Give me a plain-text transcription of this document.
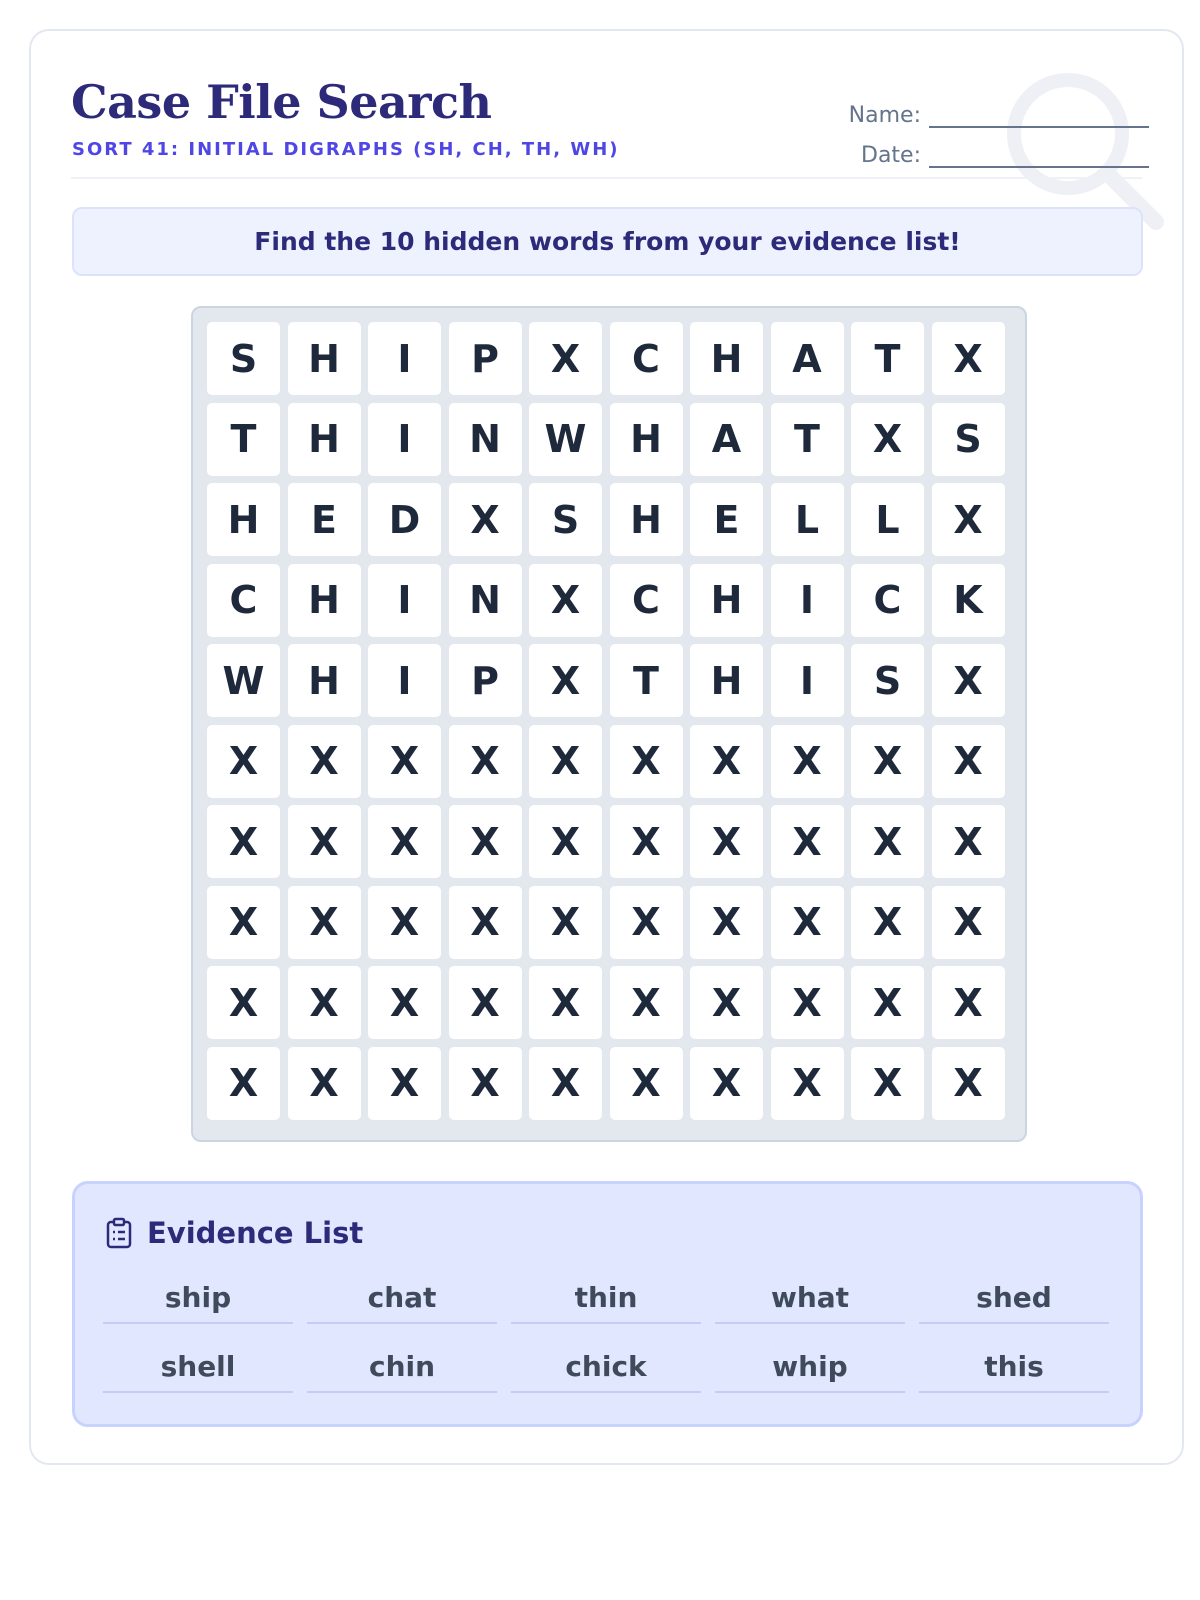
Case File Search
SORT 41: INITIAL DIGRAPHS (SH, CH, TH, WH)
Name:
Date:
Find the 10 hidden words from your evidence list!
S	H	I	P	X	C	H	A	T	X
T	H	I	N	W	H	A	T	X	S
H	E	D	X	S	H	E	L	L	X
C	H	I	N	X	C	H	I	C	K
W	H	I	P	X	T	H	I	S	X
X	X	X	X	X	X	X	X	X	X
X	X	X	X	X	X	X	X	X	X
X	X	X	X	X	X	X	X	X	X
X	X	X	X	X	X	X	X	X	X
X	X	X	X	X	X	X	X	X	X
Evidence List
ship	chat	thin	what	shed
shell	chin	chick	whip	this
